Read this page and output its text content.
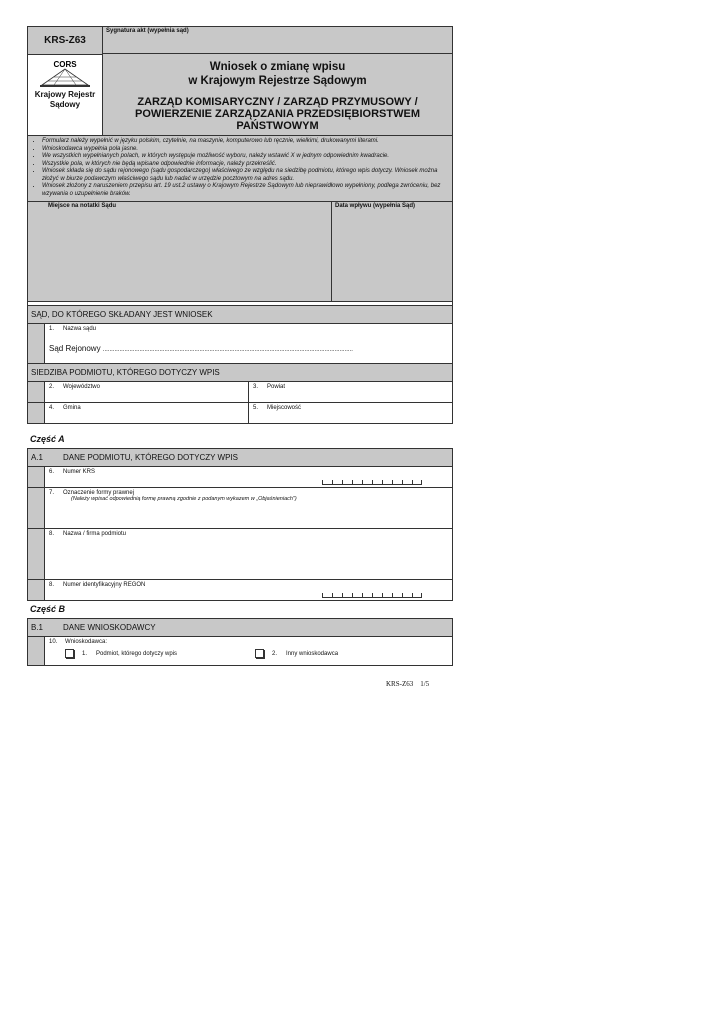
KRS-Z63
CORS
Krajowy Rejestr Sądowy
Sygnatura akt (wypełnia sąd)
Wniosek o zmianę wpisu
w Krajowym Rejestrze Sądowym
ZARZĄD KOMISARYCZNY / ZARZĄD PRZYMUSOWY / POWIERZENIE ZARZĄDZANIA PRZEDSIĘBIORSTWEM PAŃSTWOWYM
• Formularz należy wypełnić w języku polskim, czytelnie, na maszynie, komputerowo lub ręcznie, wielkimi, drukowanymi literami.
• Wnioskodawca wypełnia pola jasne.
• We wszystkich wypełnianych polach, w których występuje możliwość wyboru, należy wstawić X w jednym odpowiednim kwadracie.
• Wszystkie pola, w których nie będą wpisane odpowiednie informacje, należy przekreślić.
• Wniosek składa się do sądu rejonowego (sądu gospodarczego) właściwego ze względu na siedzibę podmiotu, którego wpis dotyczy. Wniosek można złożyć w biurze podawczym właściwego sądu lub nadać w urzędzie pocztowym na adres sądu.
• Wniosek złożony z naruszeniem przepisu art. 19 ust.2 ustawy o Krajowym Rejestrze Sądowym lub nieprawidłowo wypełniony, podlega zwróceniu, bez wzywania o uzupełnienie braków.
Miejsce na notatki Sądu	Data wpływu (wypełnia Sąd)
SĄD, DO KTÓREGO SKŁADANY JEST WNIOSEK
1. Nazwa sądu
Sąd Rejonowy ......................................................................................................................................................
SIEDZIBA PODMIOTU, KTÓREGO DOTYCZY WPIS
2. Województwo	3. Powiat
4. Gmina	5. Miejscowość
Część A
A.1	DANE PODMIOTU, KTÓREGO DOTYCZY WPIS
6. Numer KRS
7. Oznaczenie formy prawnej
(Należy wpisać odpowiednią formę prawną zgodnie z podanym wykazem w „Objaśnieniach")
8. Nazwa / firma podmiotu
8. Numer identyfikacyjny REGON
Część B
B.1	DANE WNIOSKODAWCY
10. Wnioskodawca:
1. Podmiot, którego dotyczy wpis	2. Inny wnioskodawca
KRS-Z63 1/5
